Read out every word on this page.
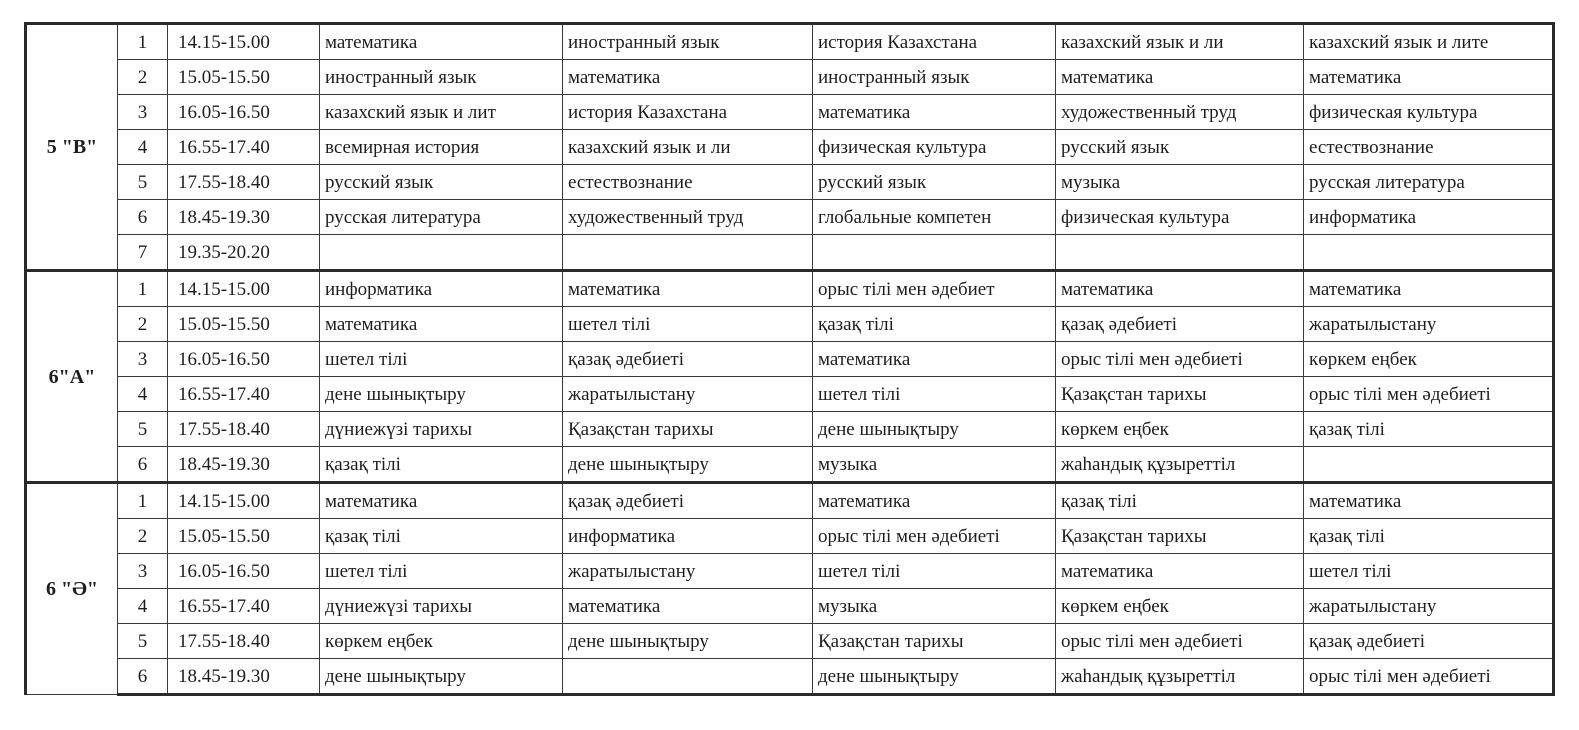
5 "В"	1	14.15-15.00	математика	иностранный язык	история Казахстана	казахский язык и ли	казахский язык и лите
	2	15.05-15.50	иностранный язык	математика	иностранный язык	математика	математика
	3	16.05-16.50	казахский язык и лит	история Казахстана	математика	художественный труд	физическая культура
	4	16.55-17.40	всемирная история	казахский язык и ли	физическая культура	русский язык	естествознание
	5	17.55-18.40	русский язык	естествознание	русский язык	музыка	русская литература
	6	18.45-19.30	русская литература	художественный труд	глобальные компетен	физическая культура	информатика
	7	19.35-20.20					
6"А"	1	14.15-15.00	информатика	математика	орыс тілі мен әдебиет	математика	математика
	2	15.05-15.50	математика	шетел тілі	қазақ тілі	қазақ әдебиеті	жаратылыстану
	3	16.05-16.50	шетел тілі	қазақ әдебиеті	математика	орыс тілі мен әдебиеті	көркем еңбек
	4	16.55-17.40	дене шынықтыру	жаратылыстану	шетел тілі	Қазақстан тарихы	орыс тілі мен әдебиеті
	5	17.55-18.40	дүниежүзі тарихы	Қазақстан тарихы	дене шынықтыру	көркем еңбек	қазақ тілі
	6	18.45-19.30	қазақ тілі	дене шынықтыру	музыка	жаһандық құзыреттіл	
6 "Ә"	1	14.15-15.00	математика	қазақ әдебиеті	математика	қазақ тілі	математика
	2	15.05-15.50	қазақ тілі	информатика	орыс тілі мен әдебиеті	Қазақстан тарихы	қазақ тілі
	3	16.05-16.50	шетел тілі	жаратылыстану	шетел тілі	математика	шетел тілі
	4	16.55-17.40	дүниежүзі тарихы	математика	музыка	көркем еңбек	жаратылыстану
	5	17.55-18.40	көркем еңбек	дене шынықтыру	Қазақстан тарихы	орыс тілі мен әдебиеті	қазақ әдебиеті
	6	18.45-19.30	дене шынықтыру		дене шынықтыру	жаһандық құзыреттіл	орыс тілі мен әдебиеті
